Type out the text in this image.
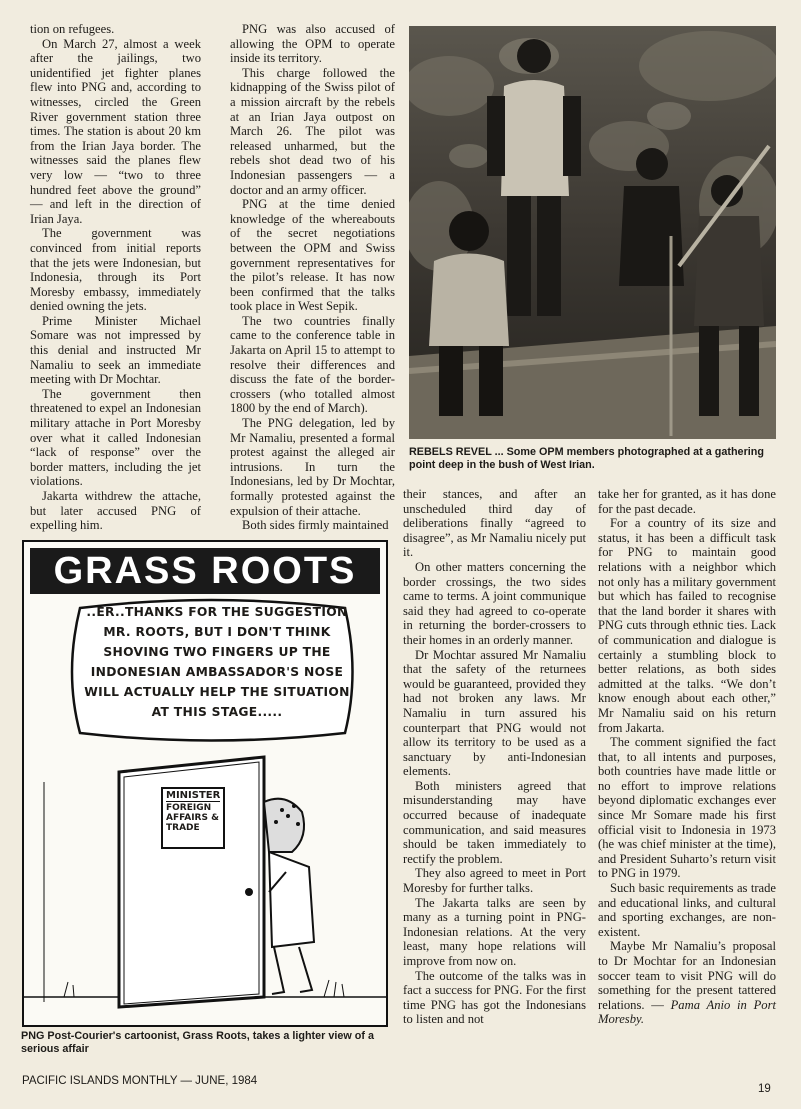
tion on refugees.

On March 27, almost a week after the jailings, two unidentified jet fighter planes flew into PNG and, according to witnesses, circled the Green River government station three times. The station is about 20 km from the Irian Jaya border. The witnesses said the planes flew very low — “two to three hundred feet above the ground” — and left in the direction of Irian Jaya.

The government was convinced from initial reports that the jets were Indonesian, but Indonesia, through its Port Moresby embassy, immediately denied owning the jets.

Prime Minister Michael Somare was not impressed by this denial and instructed Mr Namaliu to seek an immediate meeting with Dr Mochtar.

The government then threatened to expel an Indonesian military attache in Port Moresby over what it called Indonesian “lack of response” over the border matters, including the jet violations.

Jakarta withdrew the attache, but later accused PNG of expelling him.

PNG was also accused of allowing the OPM to operate inside its territory.

This charge followed the kidnapping of the Swiss pilot of a mission aircraft by the rebels at an Irian Jaya outpost on March 26. The pilot was released unharmed, but the rebels shot dead two of his Indonesian passengers — a doctor and an army officer.

PNG at the time denied knowledge of the whereabouts of the secret negotiations between the OPM and Swiss government representatives for the pilot’s release. It has now been confirmed that the talks took place in West Sepik.

The two countries finally came to the conference table in Jakarta on April 15 to attempt to resolve their differences and discuss the fate of the border-crossers (who totalled almost 1800 by the end of March).

The PNG delegation, led by Mr Namaliu, presented a formal protest against the alleged air intrusions. In turn the Indonesians, led by Dr Mochtar, formally protested against the expulsion of their attache.

Both sides firmly maintained

REBELS REVEL ... Some OPM members photographed at a gathering point deep in the bush of West Irian.
GRASS ROOTS
..ER..THANKS FOR THE SUGGESTION MR. ROOTS, BUT I DON'T THINK SHOVING TWO FINGERS UP THE INDONESIAN AMBASSADOR'S NOSE WILL ACTUALLY HELP THE SITUATION AT THIS STAGE.....
MINISTER
FOREIGN AFFAIRS & TRADE
PNG Post-Courier's cartoonist, Grass Roots, takes a lighter view of a serious affair

their stances, and after an unscheduled third day of deliberations finally “agreed to disagree”, as Mr Namaliu nicely put it.

On other matters concerning the border crossings, the two sides came to terms. A joint communique said they had agreed to co-operate in returning the border-crossers to their homes in an orderly manner.

Dr Mochtar assured Mr Namaliu that the safety of the returnees would be guaranteed, provided they had not broken any laws. Mr Namaliu in turn assured his counterpart that PNG would not allow its territory to be used as a sanctuary by anti-Indonesian elements.

Both ministers agreed that misunderstanding may have occurred because of inadequate communication, and said measures should be taken immediately to rectify the problem.

They also agreed to meet in Port Moresby for further talks.

The Jakarta talks are seen by many as a turning point in PNG-Indonesian relations. At the very least, many hope relations will improve from now on.

The outcome of the talks was in fact a success for PNG. For the first time PNG has got the Indonesians to listen and not

take her for granted, as it has done for the past decade.

For a country of its size and status, it has been a difficult task for PNG to maintain good relations with a neighbor which not only has a military government but which has failed to recognise that the land border it shares with PNG cuts through ethnic ties. Lack of communication and dialogue is certainly a stumbling block to better relations, as both sides admitted at the talks. “We don’t know enough about each other,” Mr Namaliu said on his return from Jakarta.

The comment signified the fact that, to all intents and purposes, both countries have made little or no effort to improve relations beyond diplomatic exchanges ever since Mr Somare made his first official visit to Indonesia in 1973 (he was chief minister at the time), and President Suharto’s return visit to PNG in 1979.

Such basic requirements as trade and educational links, and cultural and sporting exchanges, are non-existent.

Maybe Mr Namaliu’s proposal to Dr Mochtar for an Indonesian soccer team to visit PNG will do something for the present tattered relations. — Pama Anio in Port Moresby.

PACIFIC ISLANDS MONTHLY — JUNE, 1984
19
